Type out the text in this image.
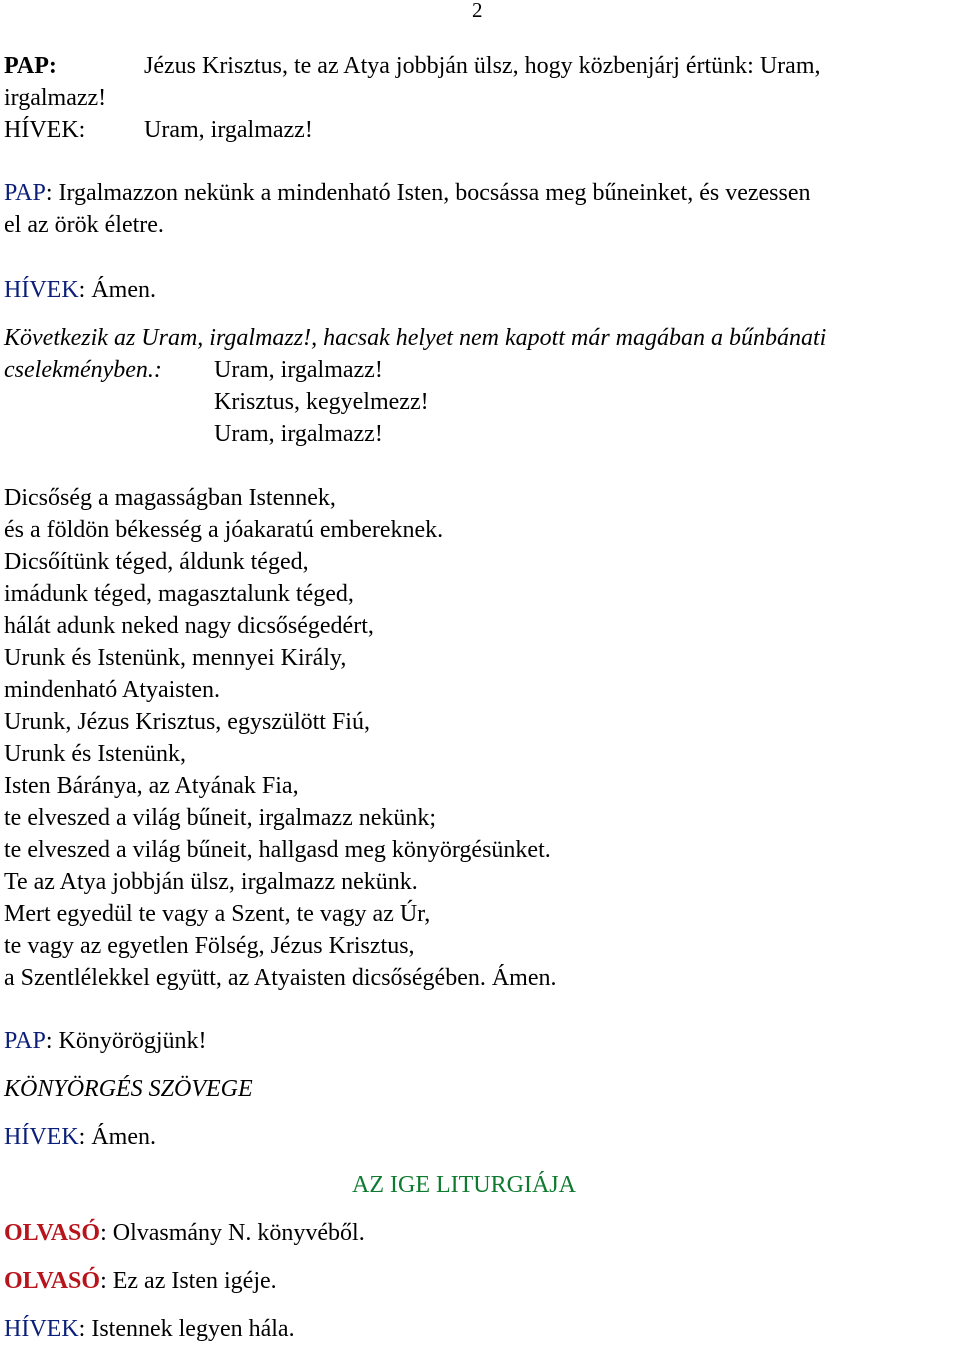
2
PAP:	Jézus Krisztus, te az Atya jobbján ülsz, hogy közbenjárj értünk: Uram,
irgalmazz!
HÍVEK: Uram, irgalmazz!
PAP: Irgalmazzon nekünk a mindenható Isten, bocsássa meg bűneinket, és vezessen
el az örök életre.
HÍVEK: Ámen.
Következik az Uram, irgalmazz!, hacsak helyet nem kapott már magában a bűnbánati
cselekményben.: Uram, irgalmazz!
Krisztus, kegyelmezz!
Uram, irgalmazz!
Dicsőség a magasságban Istennek,
és a földön békesség a jóakaratú embereknek.
Dicsőítünk téged, áldunk téged,
imádunk téged, magasztalunk téged,
hálát adunk neked nagy dicsőségedért,
Urunk és Istenünk, mennyei Király,
mindenható Atyaisten.
Urunk, Jézus Krisztus, egyszülött Fiú,
Urunk és Istenünk,
Isten Báránya, az Atyának Fia,
te elveszed a világ bűneit, irgalmazz nekünk;
te elveszed a világ bűneit, hallgasd meg könyörgésünket.
Te az Atya jobbján ülsz, irgalmazz nekünk.
Mert egyedül te vagy a Szent, te vagy az Úr,
te vagy az egyetlen Fölség, Jézus Krisztus,
a Szentlélekkel együtt, az Atyaisten dicsőségében. Ámen.
PAP: Könyörögjünk!
KÖNYÖRGÉS SZÖVEGE
HÍVEK: Ámen.
AZ IGE LITURGIÁJA
OLVASÓ: Olvasmány N. könyvéből.
OLVASÓ: Ez az Isten igéje.
HÍVEK: Istennek legyen hála.
